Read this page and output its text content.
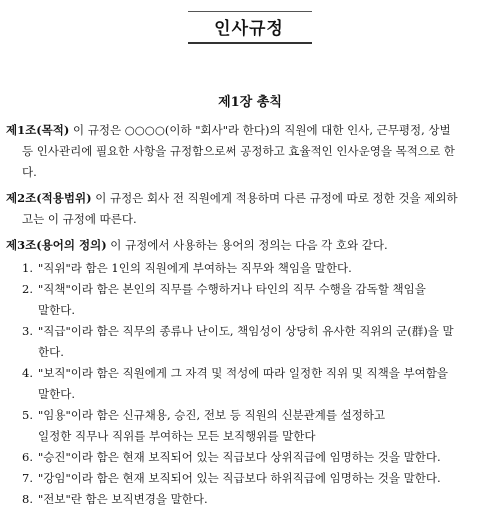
인사규정
제1장 총칙
제1조(목적) 이 규정은 ○○○○(이하 "회사"라 한다)의 직원에 대한 인사, 근무평정, 상벌
등 인사관리에 필요한 사항을 규정함으로써 공정하고 효율적인 인사운영을 목적으로 한
다.
제2조(적용범위) 이 규정은 회사 전 직원에게 적용하며 다른 규정에 따로 정한 것을 제외하
고는 이 규정에 따른다.
제3조(용어의 정의) 이 규정에서 사용하는 용어의 정의는 다음 각 호와 같다.
1. "직위"라 함은 1인의 직원에게 부여하는 직무와 책임을 말한다.
2. "직책"이라 함은 본인의 직무를 수행하거나 타인의 직무 수행을 감독할 책임을
말한다.
3. "직급"이라 함은 직무의 종류나 난이도, 책임성이 상당히 유사한 직위의 군(群)을 말
한다.
4. "보직"이라 함은 직원에게 그 자격 및 적성에 따라 일정한 직위 및 직책을 부여함을
말한다.
5. "임용"이라 함은 신규채용, 승진, 전보 등 직원의 신분관계를 설정하고
일정한 직무나 직위를 부여하는 모든 보직행위를 말한다
6. "승진"이라 함은 현재 보직되어 있는 직급보다 상위직급에 임명하는 것을 말한다.
7. "강임"이라 함은 현재 보직되어 있는 직급보다 하위직급에 임명하는 것을 말한다.
8. "전보"란 함은 보직변경을 말한다.
